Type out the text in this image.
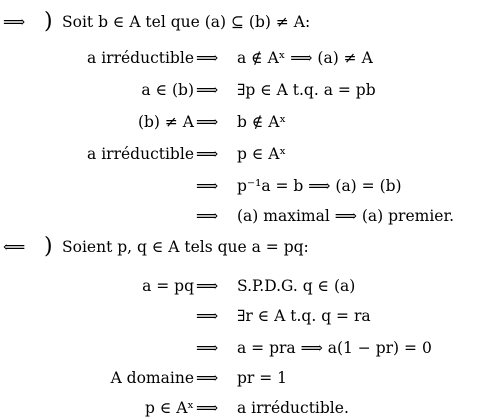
⟹ ) Soit b ∈ A tel que (a) ⊆ (b) ≠ A:
a irréductible ⟹ a ∉ Aˣ ⟹ (a) ≠ A
a ∈ (b) ⟹ ∃p ∈ A t.q. a = pb
(b) ≠ A ⟹ b ∉ Aˣ
a irréductible ⟹ p ∈ Aˣ
⟹ p⁻¹a = b ⟹ (a) = (b)
⟹ (a) maximal ⟹ (a) premier.
⟸ ) Soient p, q ∈ A tels que a = pq:
a = pq ⟹ S.P.D.G. q ∈ (a)
⟹ ∃r ∈ A t.q. q = ra
⟹ a = pra ⟹ a(1 − pr) = 0
A domaine ⟹ pr = 1
p ∈ Aˣ ⟹ a irréductible.
